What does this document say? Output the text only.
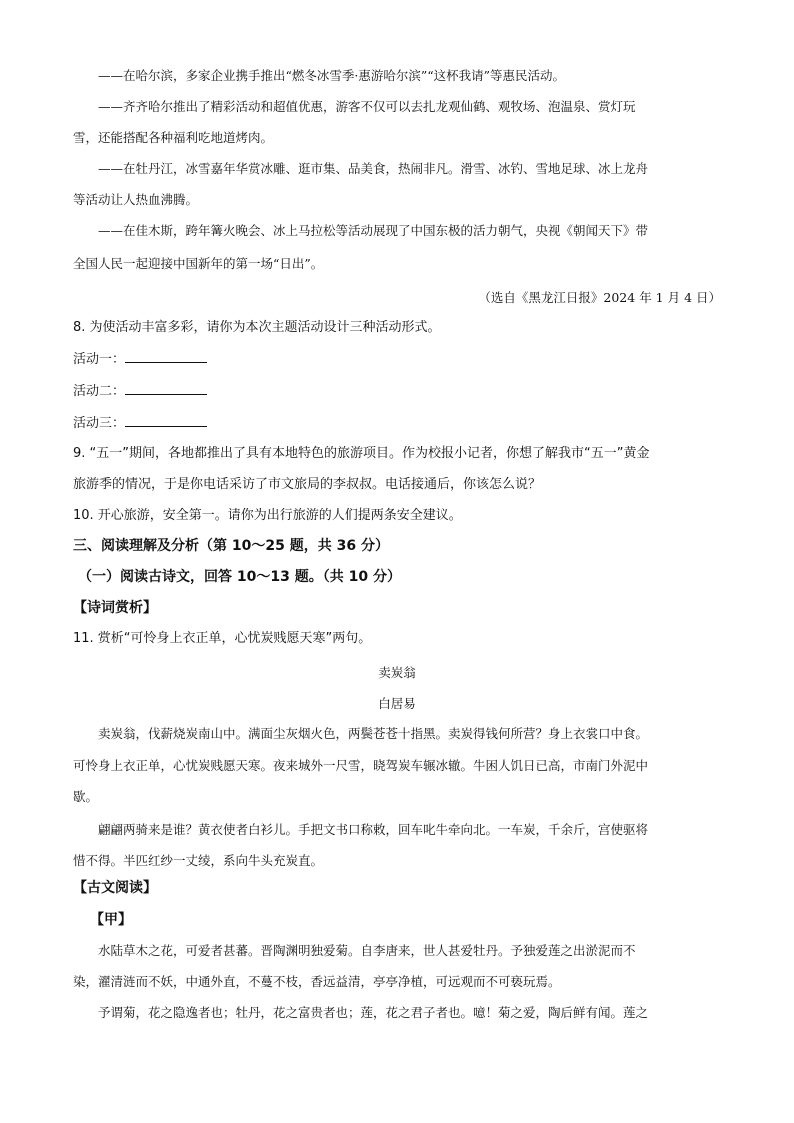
——在哈尔滨，多家企业携手推出“燃冬冰雪季·惠游哈尔滨”“这杯我请”等惠民活动。
——齐齐哈尔推出了精彩活动和超值优惠，游客不仅可以去扎龙观仙鹤、观牧场、泡温泉、赏灯玩
雪，还能搭配各种福利吃地道烤肉。
——在牡丹江，冰雪嘉年华赏冰雕、逛市集、品美食，热闹非凡。滑雪、冰钓、雪地足球、冰上龙舟
等活动让人热血沸腾。
——在佳木斯，跨年篝火晚会、冰上马拉松等活动展现了中国东极的活力朝气，央视《朝闻天下》带
全国人民一起迎接中国新年的第一场“日出”。
（选自《黑龙江日报》2024 年 1 月 4 日）
8. 为使活动丰富多彩，请你为本次主题活动设计三种活动形式。
活动一：
活动二：
活动三：
9. “五一”期间，各地都推出了具有本地特色的旅游项目。作为校报小记者，你想了解我市“五一”黄金
旅游季的情况，于是你电话采访了市文旅局的李叔叔。电话接通后，你该怎么说？
10. 开心旅游，安全第一。请你为出行旅游的人们提两条安全建议。
三、阅读理解及分析（第 10～25 题，共 36 分）
（一）阅读古诗文，回答 10～13 题。（共 10 分）
【诗词赏析】
11. 赏析“可怜身上衣正单，心忧炭贱愿天寒”两句。
卖炭翁
白居易
卖炭翁，伐薪烧炭南山中。满面尘灰烟火色，两鬓苍苍十指黑。卖炭得钱何所营？身上衣裳口中食。
可怜身上衣正单，心忧炭贱愿天寒。夜来城外一尺雪，晓驾炭车辗冰辙。牛困人饥日已高，市南门外泥中
歇。
翩翩两骑来是谁？黄衣使者白衫儿。手把文书口称敕，回车叱牛牵向北。一车炭，千余斤，宫使驱将
惜不得。半匹红纱一丈绫，系向牛头充炭直。
【古文阅读】
【甲】
水陆草木之花，可爱者甚蕃。晋陶渊明独爱菊。自李唐来，世人甚爱牡丹。予独爱莲之出淤泥而不
染，濯清涟而不妖，中通外直，不蔓不枝，香远益清，亭亭净植，可远观而不可亵玩焉。
予谓菊，花之隐逸者也；牡丹，花之富贵者也；莲，花之君子者也。噫！菊之爱，陶后鲜有闻。莲之
